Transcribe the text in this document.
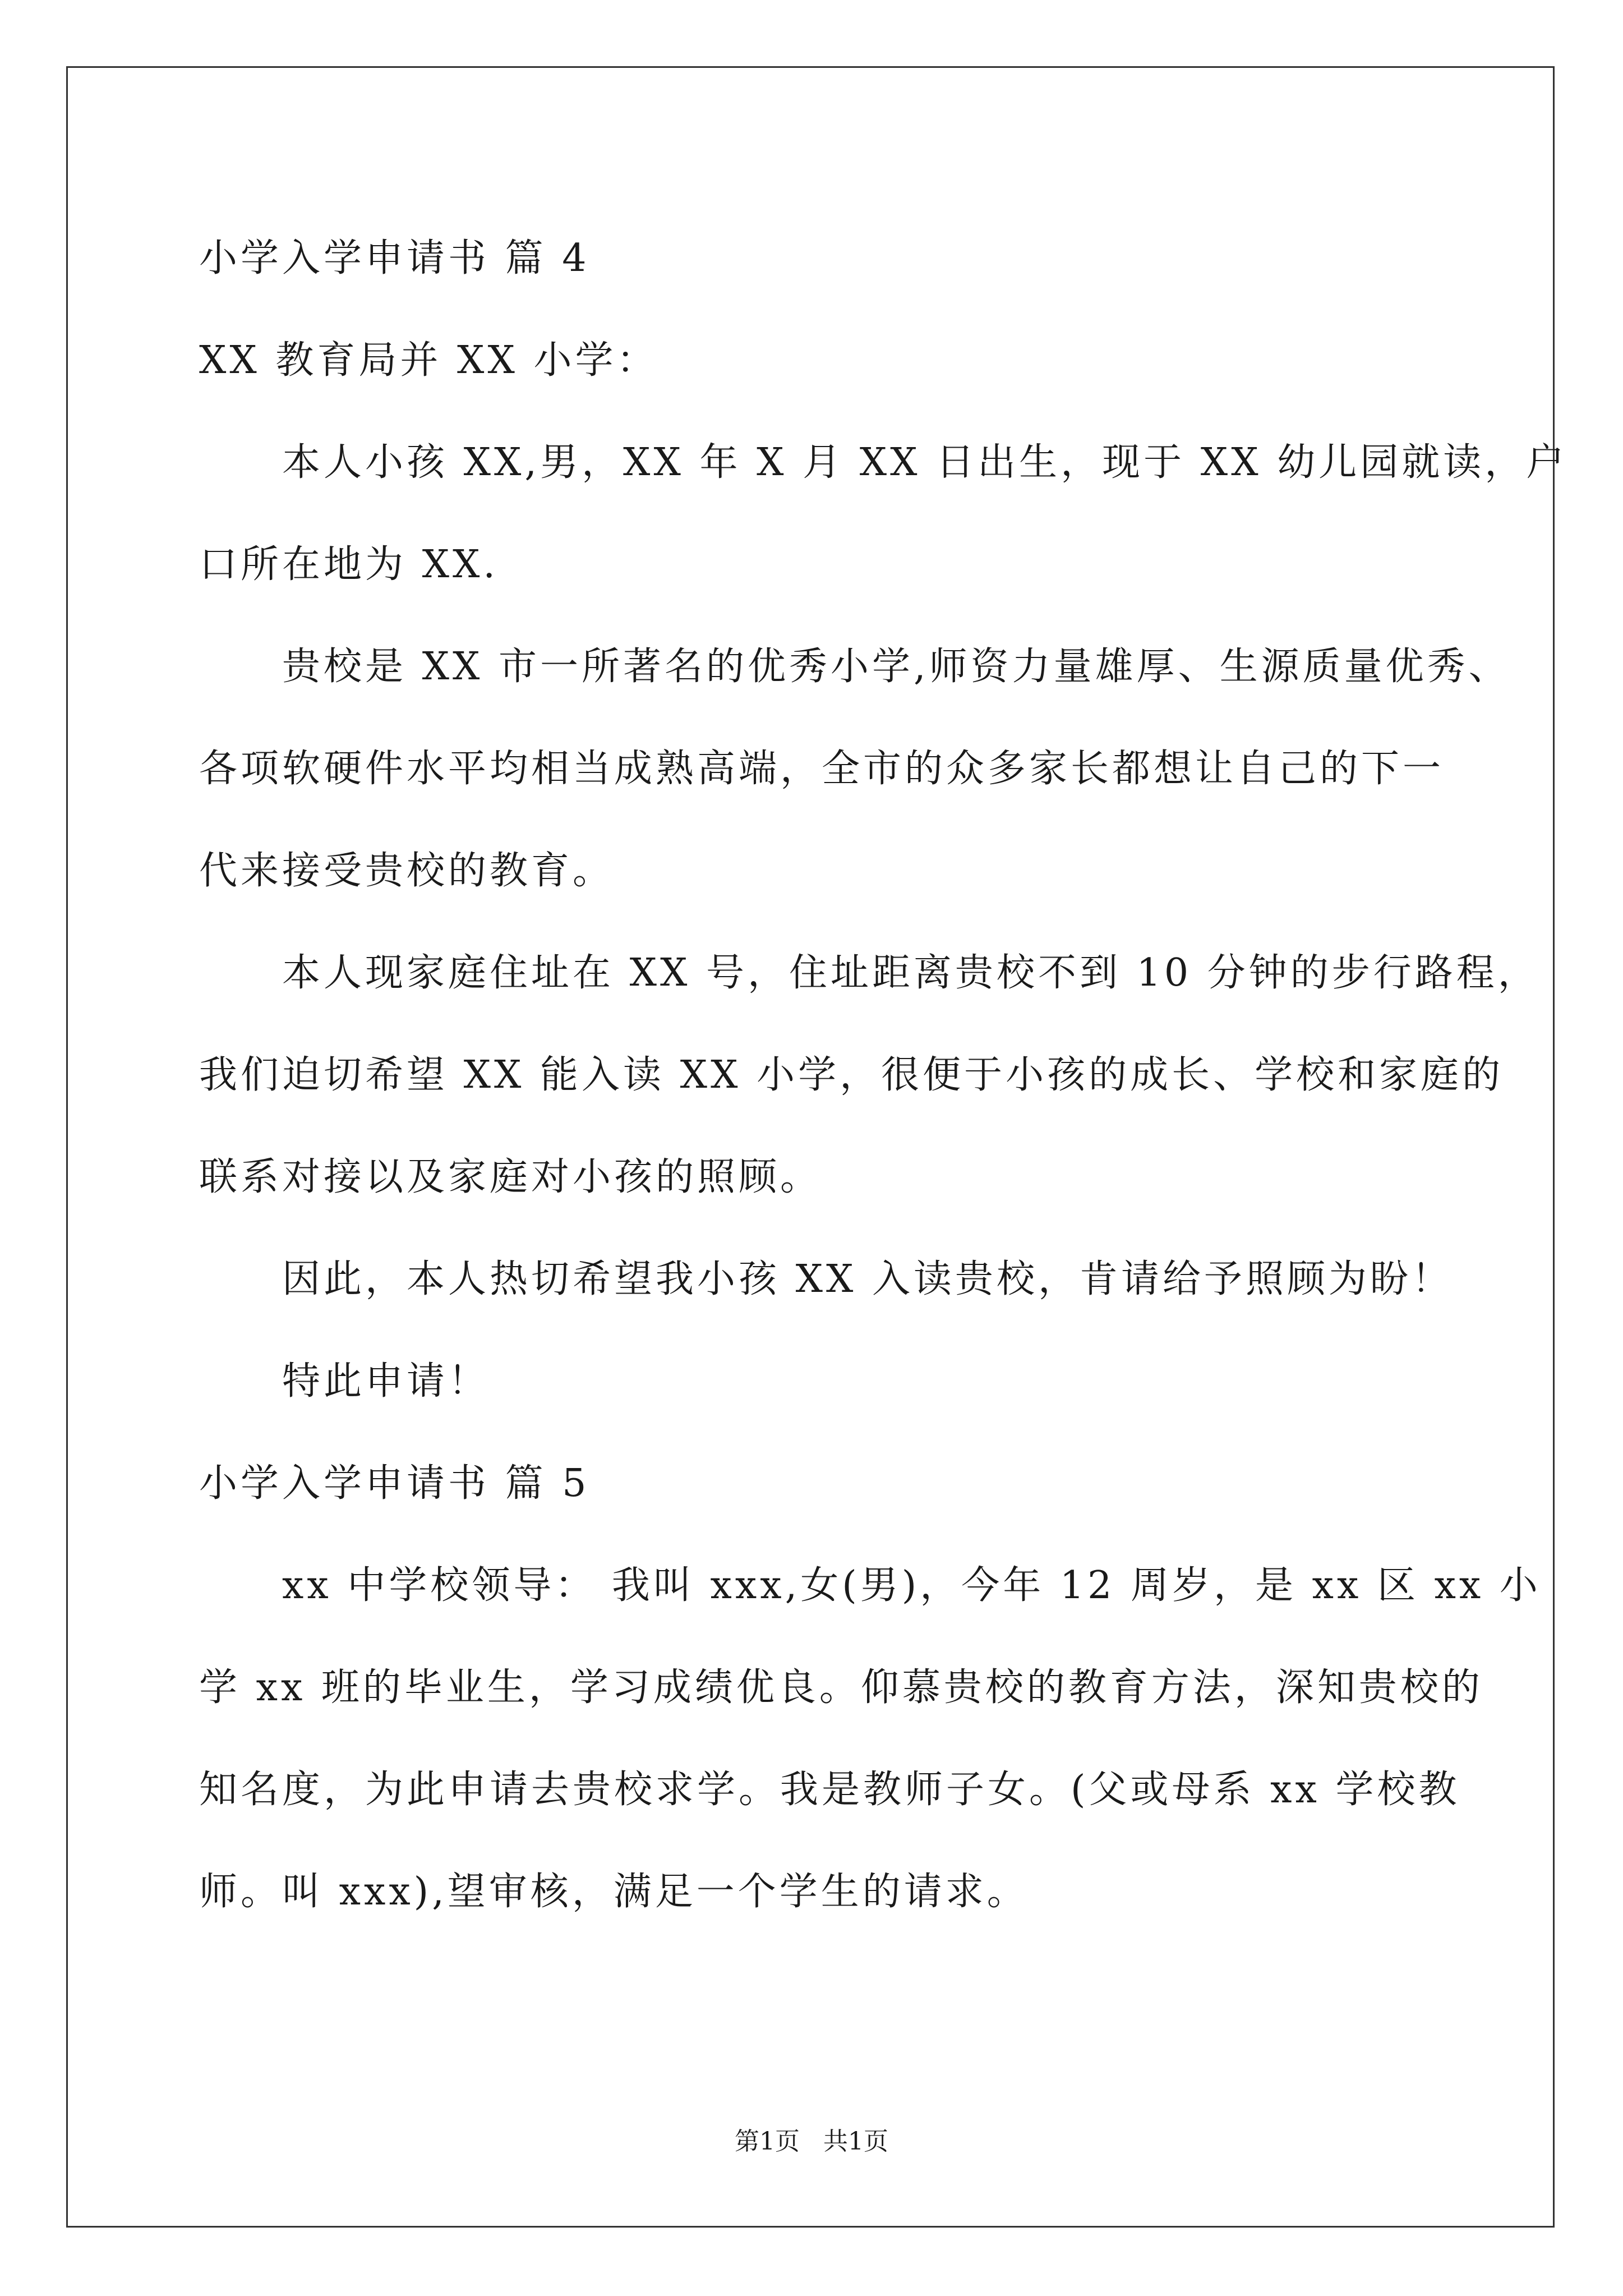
小学入学申请书 篇 4
XX 教育局并 XX 小学：
本人小孩 XX,男，XX 年 X 月 XX 日出生，现于 XX 幼儿园就读，户
口所在地为 XX.
贵校是 XX 市一所著名的优秀小学,师资力量雄厚、生源质量优秀、
各项软硬件水平均相当成熟高端，全市的众多家长都想让自己的下一
代来接受贵校的教育。
本人现家庭住址在 XX 号，住址距离贵校不到 10 分钟的步行路程，
我们迫切希望 XX 能入读 XX 小学，很便于小孩的成长、学校和家庭的
联系对接以及家庭对小孩的照顾。
因此，本人热切希望我小孩 XX 入读贵校，肯请给予照顾为盼！
特此申请！
小学入学申请书 篇 5
xx 中学校领导： 我叫 xxx,女(男)，今年 12 周岁，是 xx 区 xx 小
学 xx 班的毕业生，学习成绩优良。仰慕贵校的教育方法，深知贵校的
知名度，为此申请去贵校求学。我是教师子女。(父或母系 xx 学校教
师。叫 xxx),望审核，满足一个学生的请求。
第1页   共1页
